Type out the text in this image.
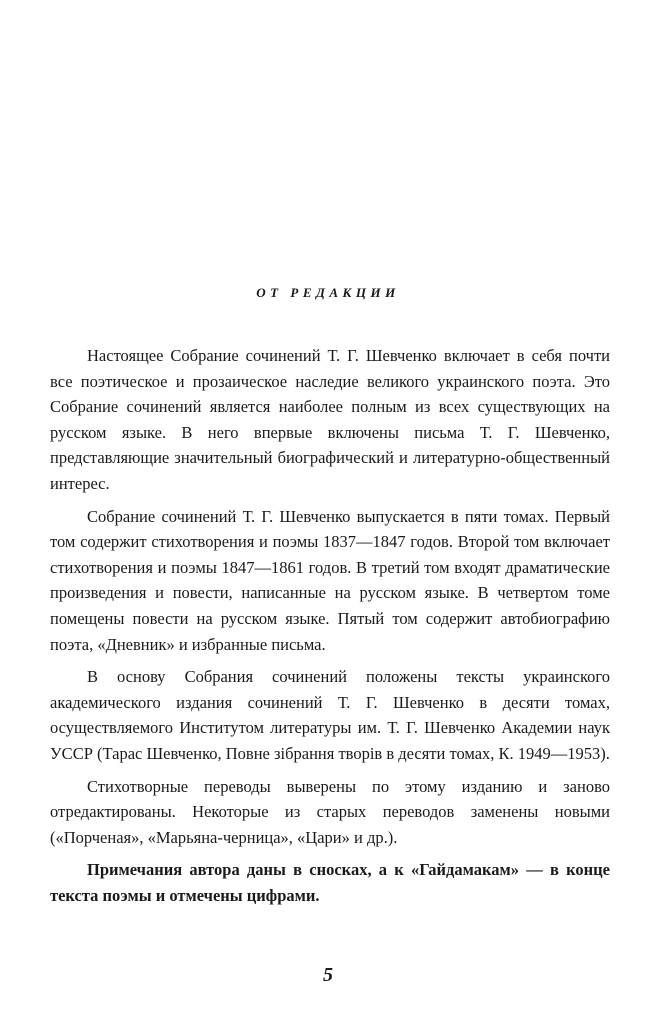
ОТ РЕДАКЦИИ

Настоящее Собрание сочинений Т. Г. Шевченко включает в себя почти все поэтическое и прозаическое наследие великого украинского поэта. Это Собрание сочинений является наиболее полным из всех существующих на русском языке. В него впервые включены письма Т. Г. Шевченко, представляющие значительный биографический и литературно-общественный интерес.

Собрание сочинений Т. Г. Шевченко выпускается в пяти томах. Первый том содержит стихотворения и поэмы 1837—1847 годов. Второй том включает стихотворения и поэмы 1847—1861 годов. В третий том входят драматические произведения и повести, написанные на русском языке. В четвертом томе помещены повести на русском языке. Пятый том содержит автобиографию поэта, «Дневник» и избранные письма.

В основу Собрания сочинений положены тексты украинского академического издания сочинений Т. Г. Шевченко в десяти томах, осуществляемого Институтом литературы им. Т. Г. Шевченко Академии наук УССР (Тарас Шевченко, Повне зiбрання творiв в десяти томах, К. 1949—1953).

Стихотворные переводы выверены по этому изданию и заново отредактированы. Некоторые из старых переводов заменены новыми («Порченая», «Марьяна-черница», «Цари» и др.).

Примечания автора даны в сносках, а к «Гайдамакам» — в конце текста поэмы и отмечены цифрами.

5
